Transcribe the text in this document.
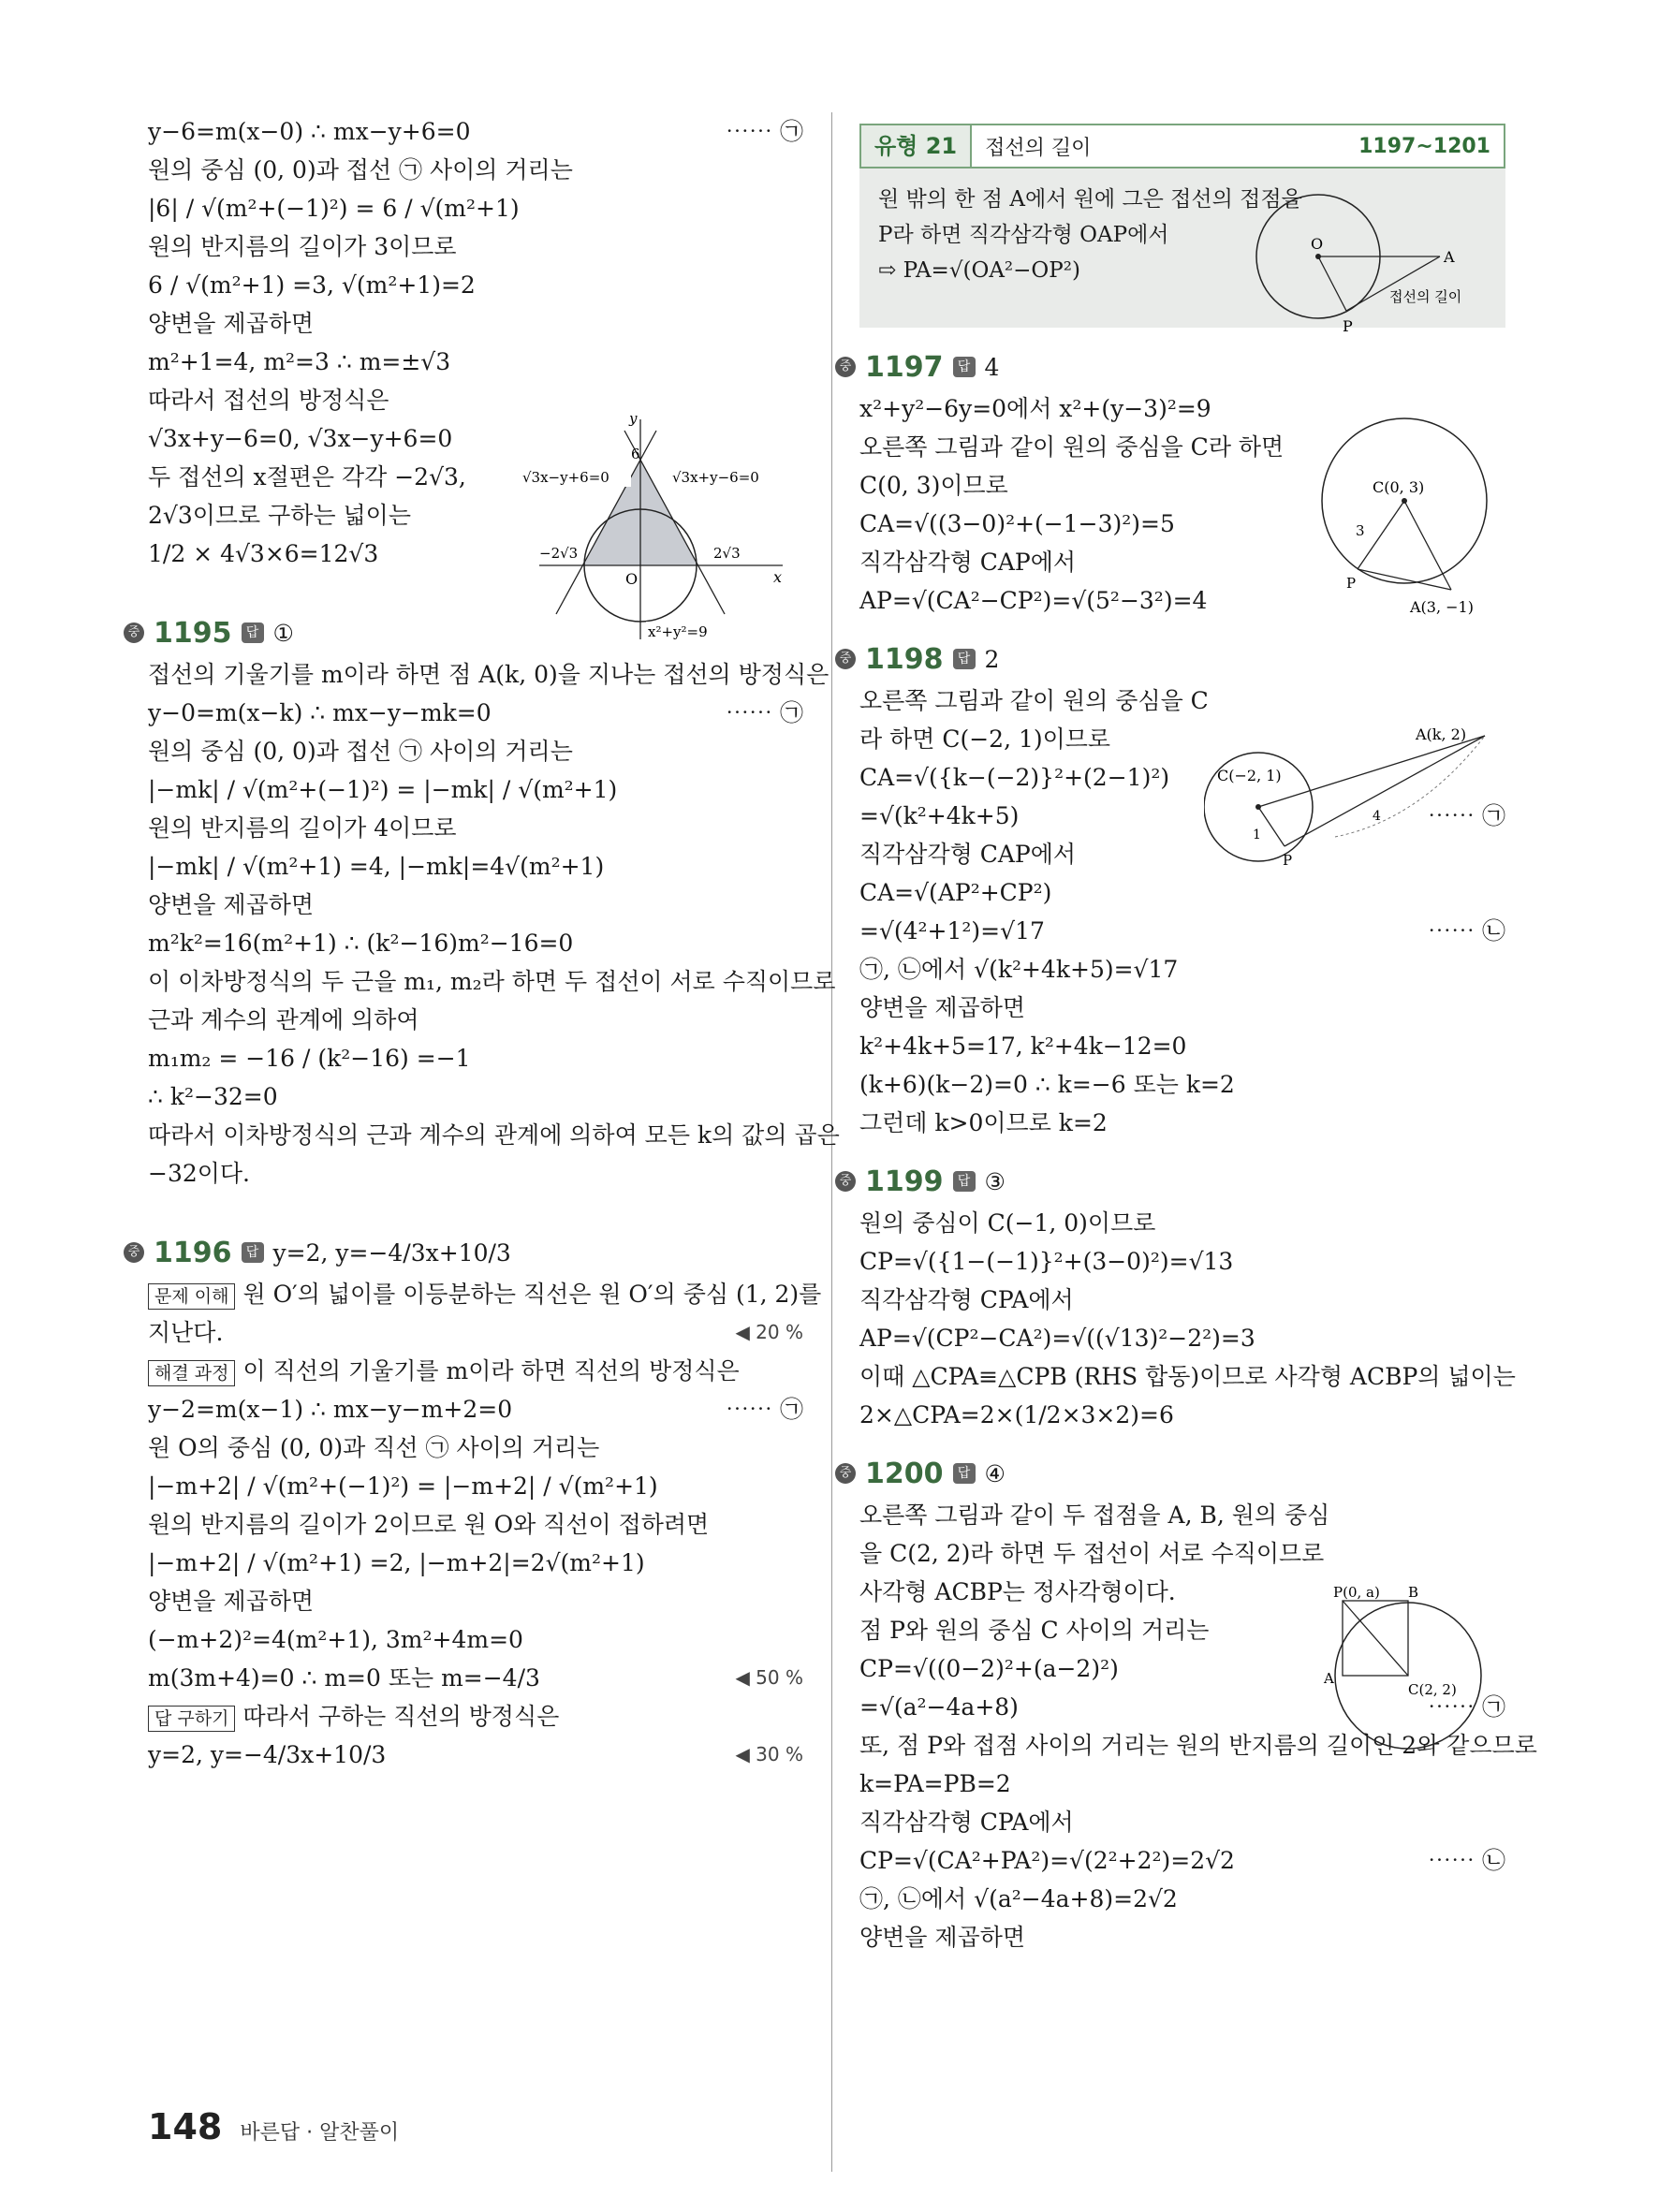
y−6=m(x−0) ∴ mx−y+6=0	⋯⋯ ㉠
원의 중심 (0, 0)과 접선 ㉠ 사이의 거리는
|6| / √(m²+(−1)²) = 6 / √(m²+1)
원의 반지름의 길이가 3이므로
6 / √(m²+1) =3, √(m²+1)=2
양변을 제곱하면
m²+1=4, m²=3 ∴ m=±√3
따라서 접선의 방정식은
√3x+y−6=0, √3x−y+6=0
두 접선의 x절편은 각각 −2√3,
2√3이므로 구하는 넓이는
1/2 × 4√3×6=12√3
중 1195	답 ①
접선의 기울기를 m이라 하면 점 A(k, 0)을 지나는 접선의 방정식은
y−0=m(x−k) ∴ mx−y−mk=0	⋯⋯ ㉠
원의 중심 (0, 0)과 접선 ㉠ 사이의 거리는
|−mk| / √(m²+(−1)²) = |−mk| / √(m²+1)
원의 반지름의 길이가 4이므로
|−mk| / √(m²+1) =4, |−mk|=4√(m²+1)
양변을 제곱하면
m²k²=16(m²+1) ∴ (k²−16)m²−16=0
이 이차방정식의 두 근을 m₁, m₂라 하면 두 접선이 서로 수직이므로
근과 계수의 관계에 의하여
m₁m₂ = −16 / (k²−16) =−1
∴ k²−32=0
따라서 이차방정식의 근과 계수의 관계에 의하여 모든 k의 값의 곱은
−32이다.
중 1196	답 y=2, y=−4/3x+10/3
문제 이해 원 O′의 넓이를 이등분하는 직선은 원 O′의 중심 (1, 2)를
지난다.	◀ 20 %
해결 과정 이 직선의 기울기를 m이라 하면 직선의 방정식은
y−2=m(x−1) ∴ mx−y−m+2=0	⋯⋯ ㉠
원 O의 중심 (0, 0)과 직선 ㉠ 사이의 거리는
|−m+2| / √(m²+(−1)²) = |−m+2| / √(m²+1)
원의 반지름의 길이가 2이므로 원 O와 직선이 접하려면
|−m+2| / √(m²+1) =2, |−m+2|=2√(m²+1)
양변을 제곱하면
(−m+2)²=4(m²+1), 3m²+4m=0
m(3m+4)=0 ∴ m=0 또는 m=−4/3	◀ 50 %
답 구하기 따라서 구하는 직선의 방정식은
y=2, y=−4/3x+10/3	◀ 30 %
y
x
O
6
√3x−y+6=0	√3x+y−6=0
−2√3	2√3
x²+y²=9
유형 21	접선의 길이	1197~1201
원 밖의 한 점 A에서 원에 그은 접선의 접점을
P라 하면 직각삼각형 OAP에서
⇨ PA=√(OA²−OP²)
중 1197	답 4
x²+y²−6y=0에서 x²+(y−3)²=9
오른쪽 그림과 같이 원의 중심을 C라 하면
C(0, 3)이므로
CA=√((3−0)²+(−1−3)²)=5
직각삼각형 CAP에서
AP=√(CA²−CP²)=√(5²−3²)=4
중 1198	답 2
오른쪽 그림과 같이 원의 중심을 C
라 하면 C(−2, 1)이므로
CA=√({k−(−2)}²+(2−1)²)
=√(k²+4k+5)	⋯⋯ ㉠
직각삼각형 CAP에서
CA=√(AP²+CP²)
=√(4²+1²)=√17	⋯⋯ ㉡
㉠, ㉡에서 √(k²+4k+5)=√17
양변을 제곱하면
k²+4k+5=17, k²+4k−12=0
(k+6)(k−2)=0 ∴ k=−6 또는 k=2
그런데 k>0이므로 k=2
중 1199	답 ③
원의 중심이 C(−1, 0)이므로
CP=√({1−(−1)}²+(3−0)²)=√13
직각삼각형 CPA에서
AP=√(CP²−CA²)=√((√13)²−2²)=3
이때 △CPA≡△CPB (RHS 합동)이므로 사각형 ACBP의 넓이는
2×△CPA=2×(1/2×3×2)=6
중 1200	답 ④
오른쪽 그림과 같이 두 접점을 A, B, 원의 중심
을 C(2, 2)라 하면 두 접선이 서로 수직이므로
사각형 ACBP는 정사각형이다.
점 P와 원의 중심 C 사이의 거리는
CP=√((0−2)²+(a−2)²)
=√(a²−4a+8)	⋯⋯ ㉠
또, 점 P와 접점 사이의 거리는 원의 반지름의 길이인 2와 같으므로
k=PA=PB=2
직각삼각형 CPA에서
CP=√(CA²+PA²)=√(2²+2²)=2√2	⋯⋯ ㉡
㉠, ㉡에서 √(a²−4a+8)=2√2
양변을 제곱하면
O
A
P
접선의 길이
C(0, 3)
3
P
A(3, −1)
A(k, 2)
C(−2, 1)
1
4
P
P(0, a) B
A
C(2, 2)
148 바른답 · 알찬풀이
